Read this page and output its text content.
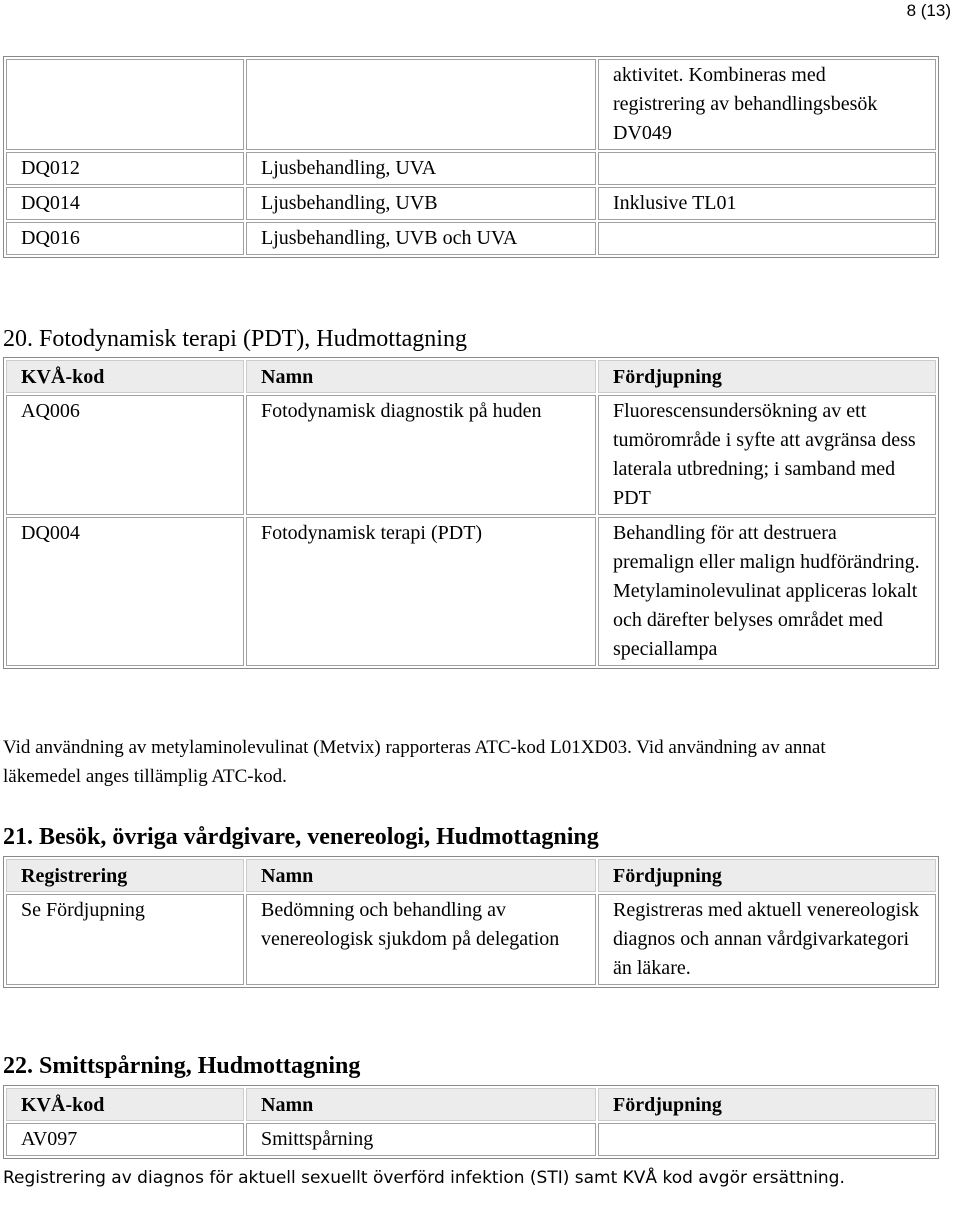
8 (13)
		aktivitet. Kombineras med registrering av behandlingsbesök DV049
DQ012	Ljusbehandling, UVA	
DQ014	Ljusbehandling, UVB	Inklusive TL01
DQ016	Ljusbehandling, UVB och UVA	
20. Fotodynamisk terapi (PDT), Hudmottagning
KVÅ-kod	Namn	Fördjupning
AQ006	Fotodynamisk diagnostik på huden	Fluorescensundersökning av ett tumörområde i syfte att avgränsa dess laterala utbredning; i samband med PDT
DQ004	Fotodynamisk terapi (PDT)	Behandling för att destruera premalign eller malign hudförändring. Metylaminolevulinat appliceras lokalt och därefter belyses området med speciallampa

Vid användning av metylaminolevulinat (Metvix) rapporteras ATC-kod L01XD03. Vid användning av annat läkemedel anges tillämplig ATC-kod.

21. Besök, övriga vårdgivare, venereologi, Hudmottagning
Registrering	Namn	Fördjupning
Se Fördjupning	Bedömning och behandling av venereologisk sjukdom på delegation	Registreras med aktuell venereologisk diagnos och annan vårdgivarkategori än läkare.
22. Smittspårning, Hudmottagning
KVÅ-kod	Namn	Fördjupning
AV097	Smittspårning	

Registrering av diagnos för aktuell sexuellt överförd infektion (STI) samt KVÅ kod avgör ersättning.
